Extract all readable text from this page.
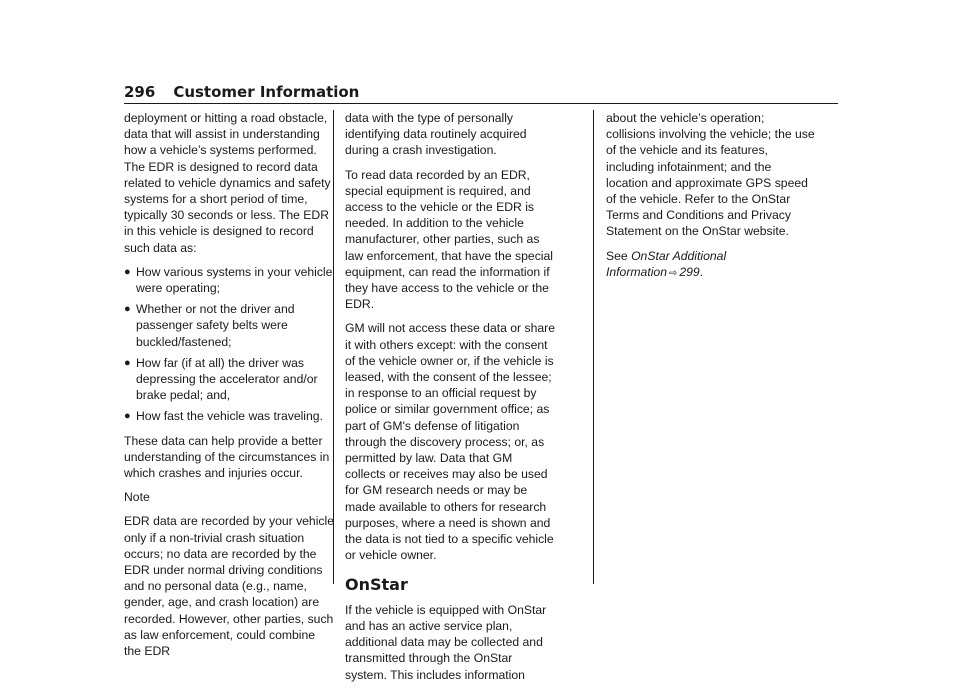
296 Customer Information

deployment or hitting a road obstacle, data that will assist in understanding how a vehicle’s systems performed. The EDR is designed to record data related to vehicle dynamics and safety systems for a short period of time, typically 30 seconds or less. The EDR in this vehicle is designed to record such data as:

● How various systems in your vehicle were operating;
● Whether or not the driver and passenger safety belts were buckled/fastened;
● How far (if at all) the driver was depressing the accelerator and/or brake pedal; and,
● How fast the vehicle was traveling.

These data can help provide a better understanding of the circumstances in which crashes and injuries occur.

Note

EDR data are recorded by your vehicle only if a non-trivial crash situation occurs; no data are recorded by the EDR under normal driving conditions and no personal data (e.g., name, gender, age, and crash location) are recorded. However, other parties, such as law enforcement, could combine the EDR

data with the type of personally identifying data routinely acquired during a crash investigation.

To read data recorded by an EDR, special equipment is required, and access to the vehicle or the EDR is needed. In addition to the vehicle manufacturer, other parties, such as law enforcement, that have the special equipment, can read the information if they have access to the vehicle or the EDR.

GM will not access these data or share it with others except: with the consent of the vehicle owner or, if the vehicle is leased, with the consent of the lessee; in response to an official request by police or similar government office; as part of GM's defense of litigation through the discovery process; or, as permitted by law. Data that GM collects or receives may also be used for GM research needs or may be made available to others for research purposes, where a need is shown and the data is not tied to a specific vehicle or vehicle owner.

OnStar

If the vehicle is equipped with OnStar and has an active service plan, additional data may be collected and transmitted through the OnStar system. This includes information

about the vehicle’s operation; collisions involving the vehicle; the use of the vehicle and its features, including infotainment; and the location and approximate GPS speed of the vehicle. Refer to the OnStar Terms and Conditions and Privacy Statement on the OnStar website.

See OnStar Additional Information ⇨ 299.
